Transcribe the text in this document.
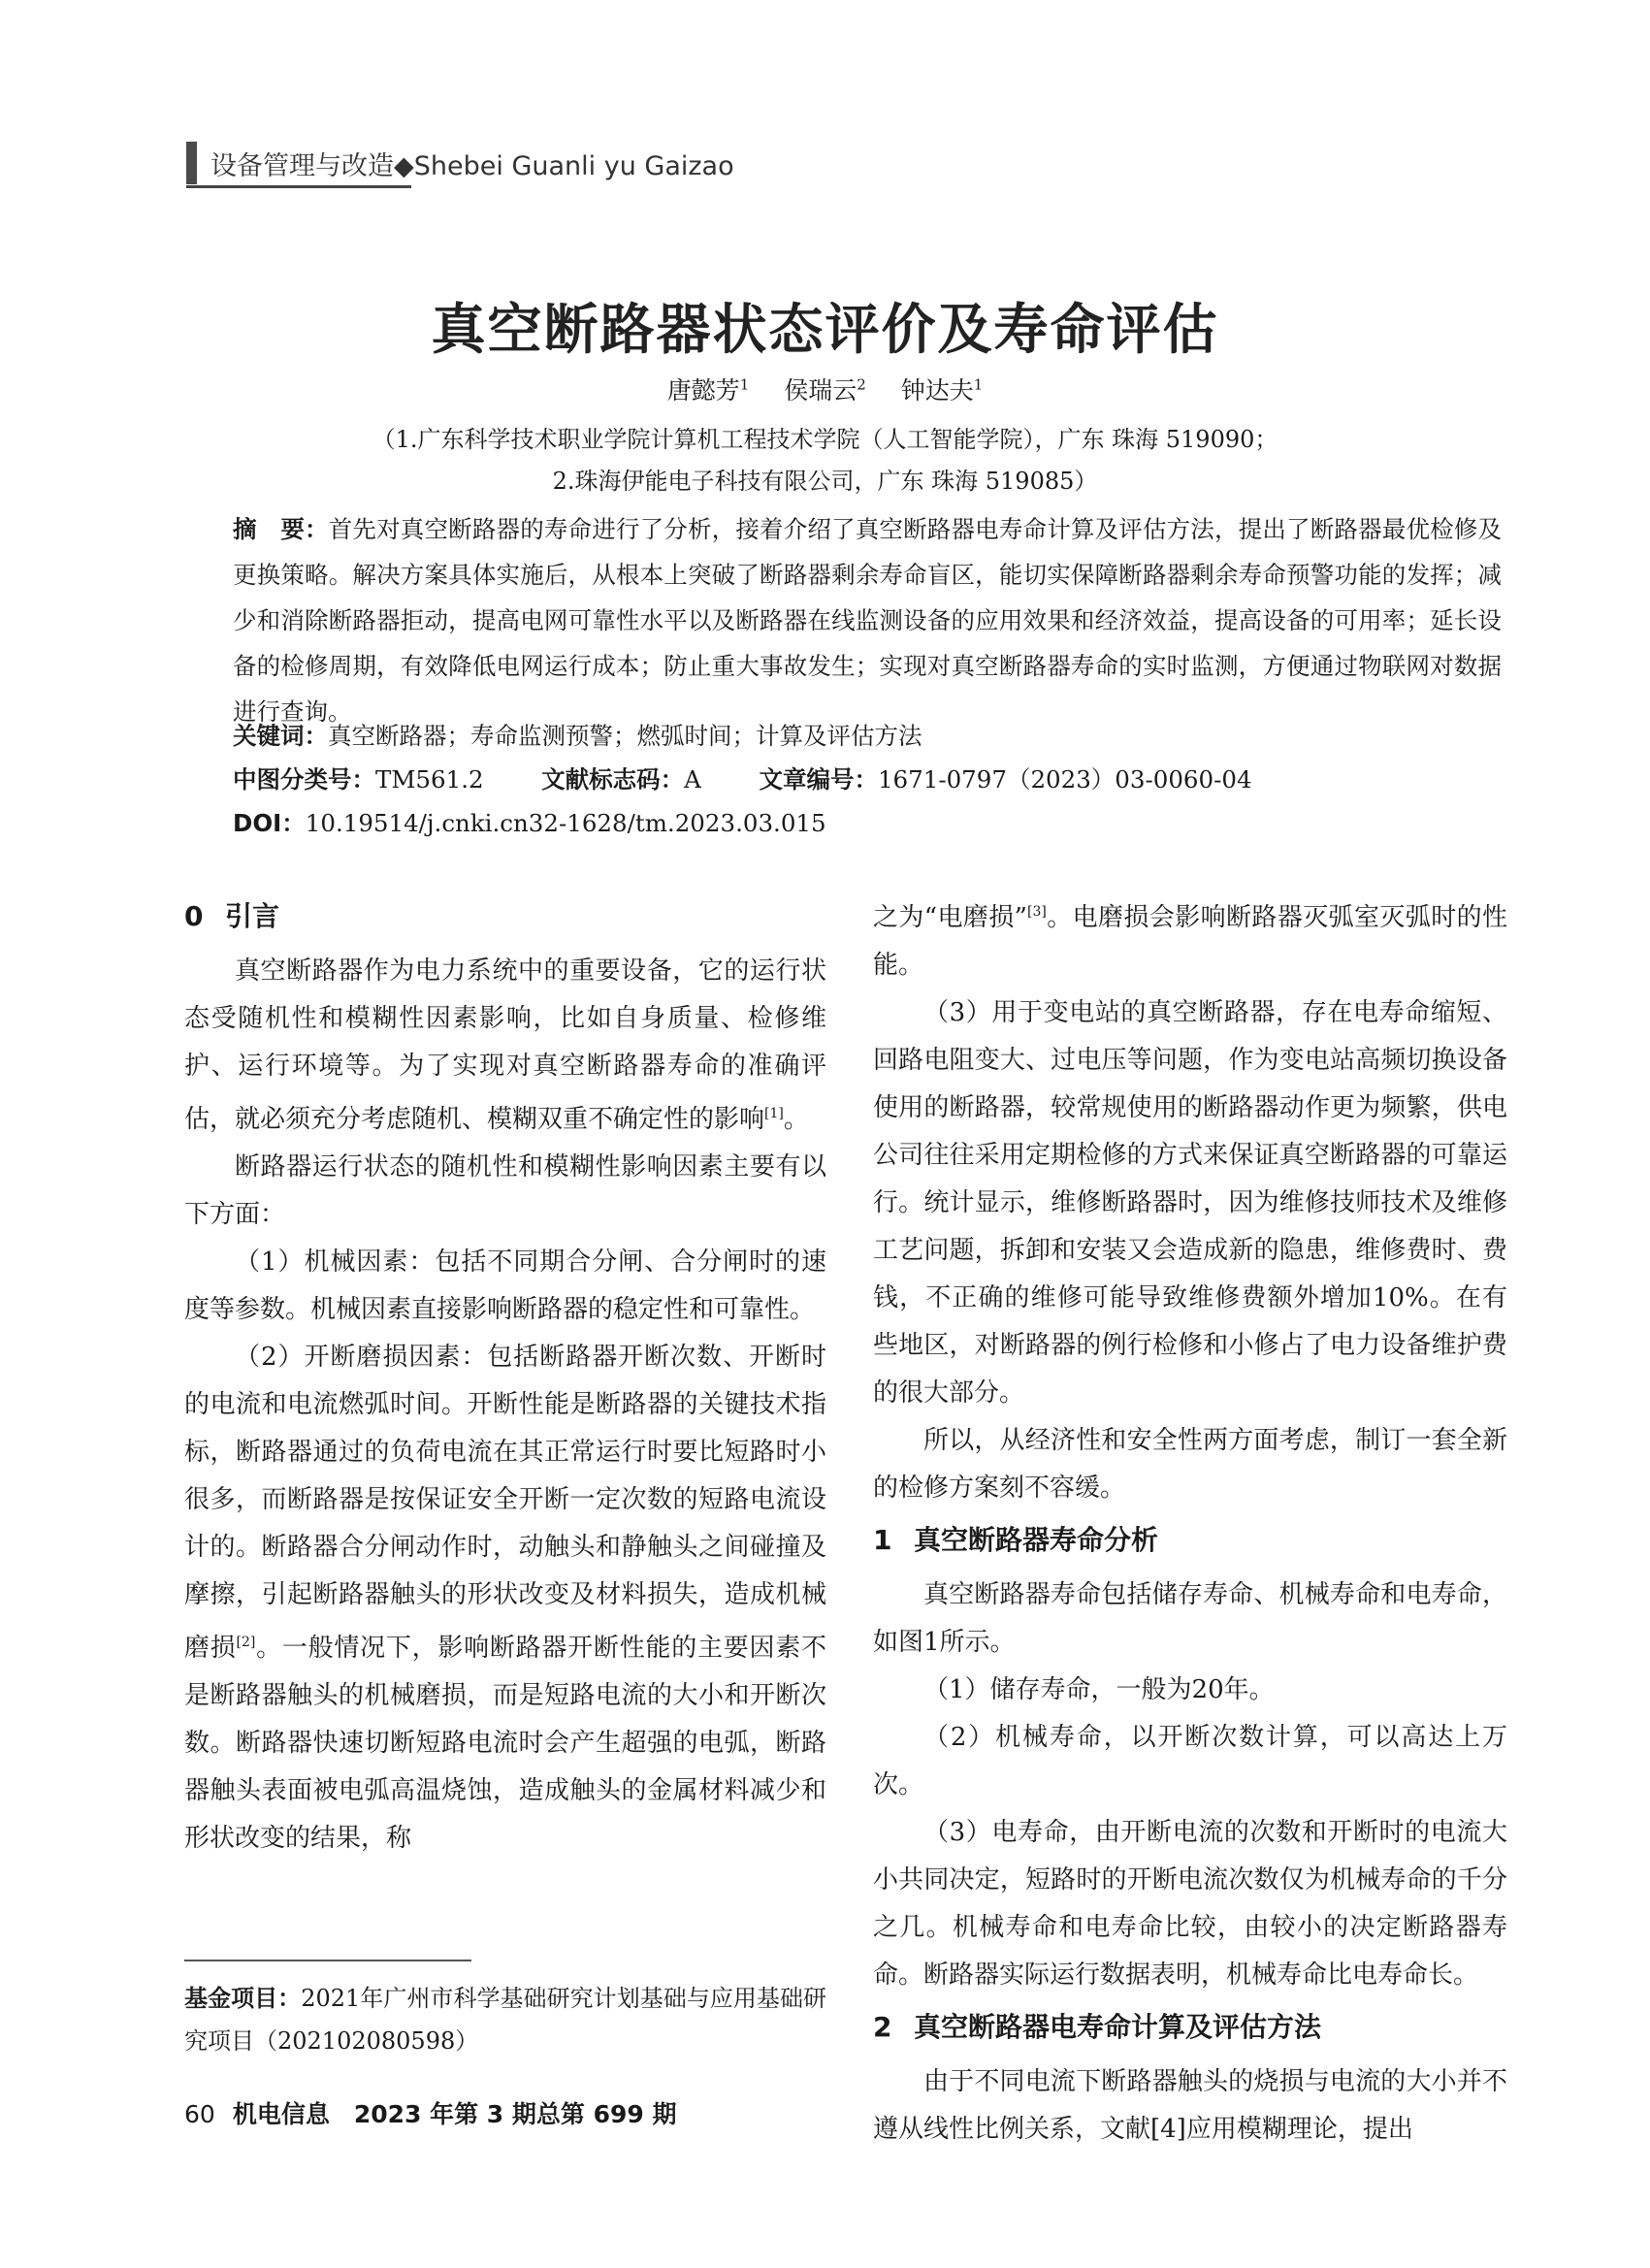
设备管理与改造◆Shebei Guanli yu Gaizao
真空断路器状态评价及寿命评估
唐懿芳$^1$ 侯瑞云$^2$ 钟达夫$^1$
（1.广东科学技术职业学院计算机工程技术学院（人工智能学院），广东 珠海 519090；
2.珠海伊能电子科技有限公司，广东 珠海 519085）
摘　要：首先对真空断路器的寿命进行了分析，接着介绍了真空断路器电寿命计算及评估方法，提出了断路器最优检修及更换策略。解决方案具体实施后，从根本上突破了断路器剩余寿命盲区，能切实保障断路器剩余寿命预警功能的发挥；减少和消除断路器拒动，提高电网可靠性水平以及断路器在线监测设备的应用效果和经济效益，提高设备的可用率；延长设备的检修周期，有效降低电网运行成本；防止重大事故发生；实现对真空断路器寿命的实时监测，方便通过物联网对数据进行查询。
关键词：真空断路器；寿命监测预警；燃弧时间；计算及评估方法
中图分类号：TM561.2 文献标志码：A 文章编号：1671-0797（2023）03-0060-04
DOI：10.19514/j.cnki.cn32-1628/tm.2023.03.015
0 引言

真空断路器作为电力系统中的重要设备，它的运行状态受随机性和模糊性因素影响，比如自身质量、检修维护、运行环境等。为了实现对真空断路器寿命的准确评估，就必须充分考虑随机、模糊双重不确定性的影响[1]。

断路器运行状态的随机性和模糊性影响因素主要有以下方面：

（1）机械因素：包括不同期合分闸、合分闸时的速度等参数。机械因素直接影响断路器的稳定性和可靠性。

（2）开断磨损因素：包括断路器开断次数、开断时的电流和电流燃弧时间。开断性能是断路器的关键技术指标，断路器通过的负荷电流在其正常运行时要比短路时小很多，而断路器是按保证安全开断一定次数的短路电流设计的。断路器合分闸动作时，动触头和静触头之间碰撞及摩擦，引起断路器触头的形状改变及材料损失，造成机械磨损[2]。一般情况下，影响断路器开断性能的主要因素不是断路器触头的机械磨损，而是短路电流的大小和开断次数。断路器快速切断短路电流时会产生超强的电弧，断路器触头表面被电弧高温烧蚀，造成触头的金属材料减少和形状改变的结果，称

之为“电磨损”[3]。电磨损会影响断路器灭弧室灭弧时的性能。

（3）用于变电站的真空断路器，存在电寿命缩短、回路电阻变大、过电压等问题，作为变电站高频切换设备使用的断路器，较常规使用的断路器动作更为频繁，供电公司往往采用定期检修的方式来保证真空断路器的可靠运行。统计显示，维修断路器时，因为维修技师技术及维修工艺问题，拆卸和安装又会造成新的隐患，维修费时、费钱，不正确的维修可能导致维修费额外增加10%。在有些地区，对断路器的例行检修和小修占了电力设备维护费的很大部分。

所以，从经济性和安全性两方面考虑，制订一套全新的检修方案刻不容缓。

1 真空断路器寿命分析

真空断路器寿命包括储存寿命、机械寿命和电寿命，如图1所示。

（1）储存寿命，一般为20年。

（2）机械寿命，以开断次数计算，可以高达上万次。

（3）电寿命，由开断电流的次数和开断时的电流大小共同决定，短路时的开断电流次数仅为机械寿命的千分之几。机械寿命和电寿命比较，由较小的决定断路器寿命。断路器实际运行数据表明，机械寿命比电寿命长。

2 真空断路器电寿命计算及评估方法

由于不同电流下断路器触头的烧损与电流的大小并不遵从线性比例关系，文献[4]应用模糊理论，提出

基金项目：2021年广州市科学基础研究计划基础与应用基础研究项目（202102080598）
60 机电信息　2023 年第 3 期总第 699 期
